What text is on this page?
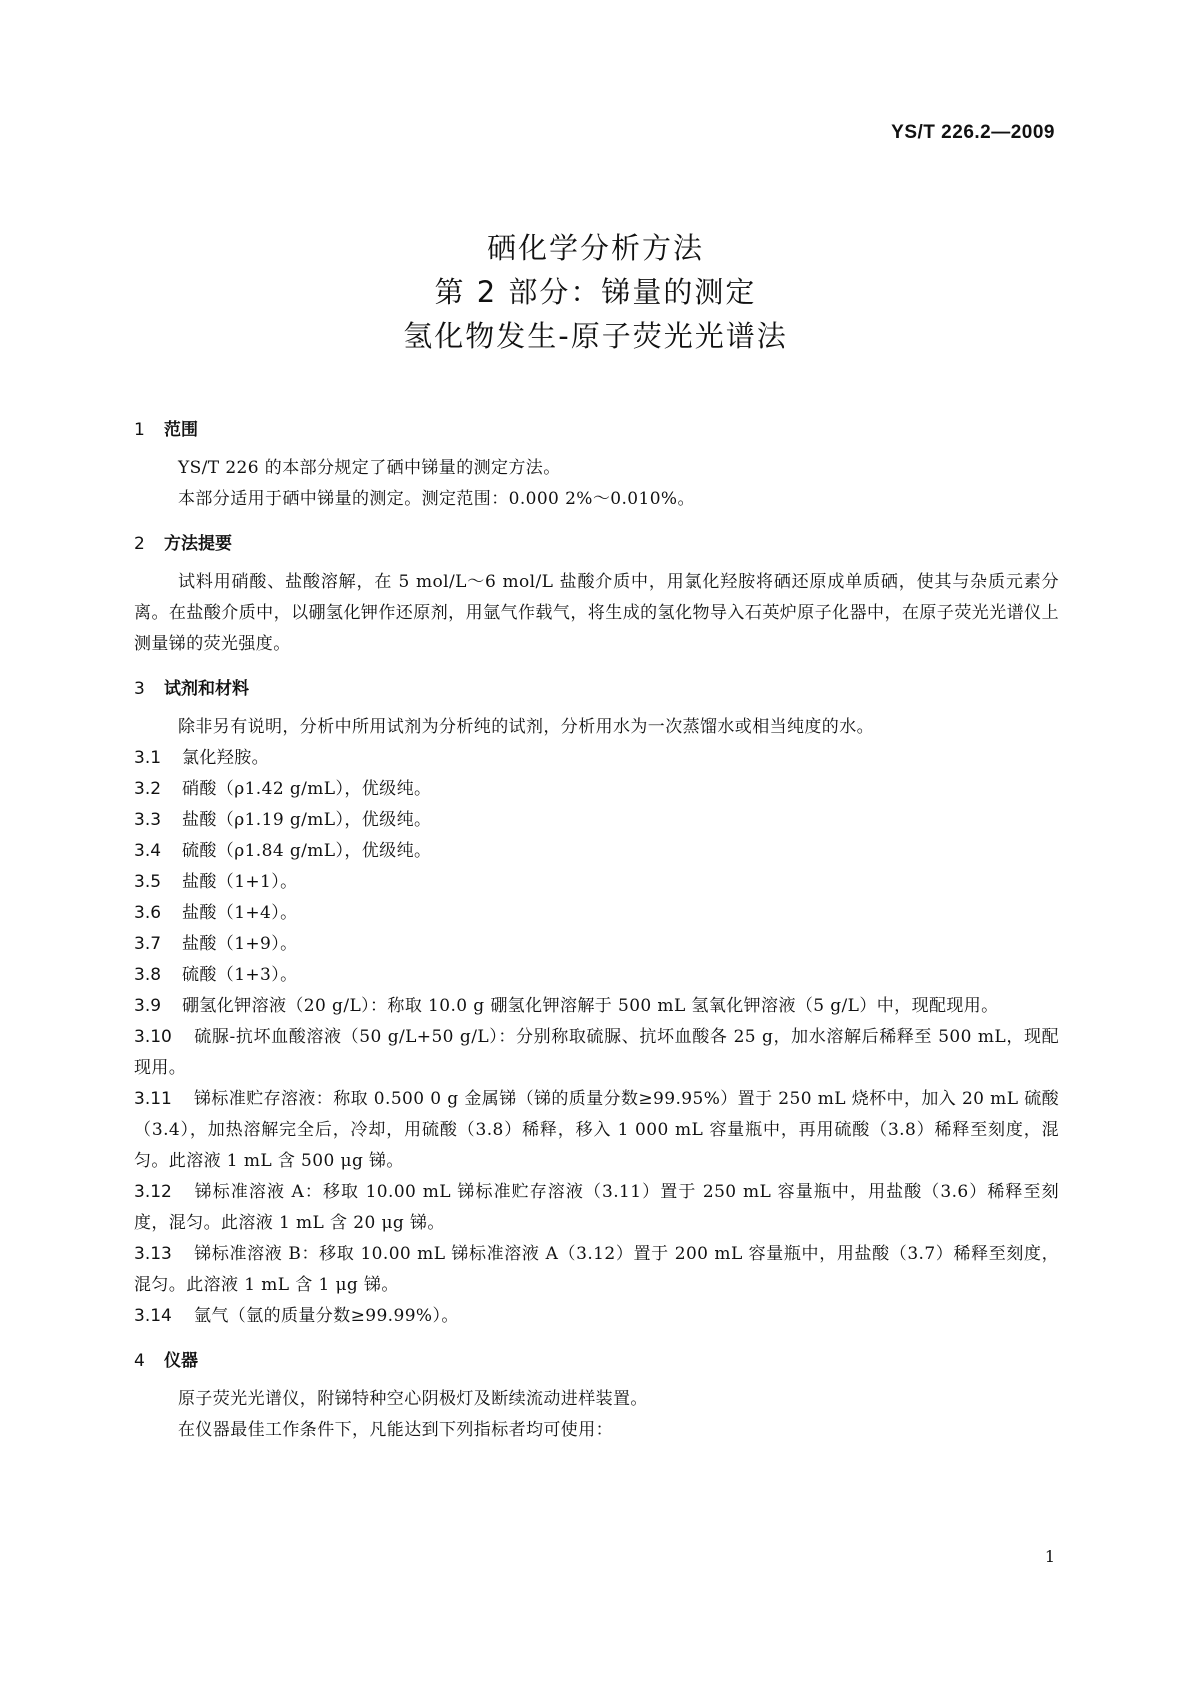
YS/T 226.2—2009
硒化学分析方法
第 2 部分：锑量的测定
氢化物发生-原子荧光光谱法
1 范围

YS/T 226 的本部分规定了硒中锑量的测定方法。

本部分适用于硒中锑量的测定。测定范围：0.000 2%～0.010%。

2 方法提要

试料用硝酸、盐酸溶解，在 5 mol/L～6 mol/L 盐酸介质中，用氯化羟胺将硒还原成单质硒，使其与杂质元素分离。在盐酸介质中，以硼氢化钾作还原剂，用氩气作载气，将生成的氢化物导入石英炉原子化器中，在原子荧光光谱仪上测量锑的荧光强度。

3 试剂和材料

除非另有说明，分析中所用试剂为分析纯的试剂，分析用水为一次蒸馏水或相当纯度的水。

3.1 氯化羟胺。

3.2 硝酸（ρ1.42 g/mL），优级纯。

3.3 盐酸（ρ1.19 g/mL），优级纯。

3.4 硫酸（ρ1.84 g/mL），优级纯。

3.5 盐酸（1+1）。

3.6 盐酸（1+4）。

3.7 盐酸（1+9）。

3.8 硫酸（1+3）。

3.9 硼氢化钾溶液（20 g/L）：称取 10.0 g 硼氢化钾溶解于 500 mL 氢氧化钾溶液（5 g/L）中，现配现用。

3.10 硫脲-抗坏血酸溶液（50 g/L+50 g/L）：分别称取硫脲、抗坏血酸各 25 g，加水溶解后稀释至 500 mL，现配现用。

3.11 锑标准贮存溶液：称取 0.500 0 g 金属锑（锑的质量分数≥99.95%）置于 250 mL 烧杯中，加入 20 mL 硫酸（3.4），加热溶解完全后，冷却，用硫酸（3.8）稀释，移入 1 000 mL 容量瓶中，再用硫酸（3.8）稀释至刻度，混匀。此溶液 1 mL 含 500 μg 锑。

3.12 锑标准溶液 A：移取 10.00 mL 锑标准贮存溶液（3.11）置于 250 mL 容量瓶中，用盐酸（3.6）稀释至刻度，混匀。此溶液 1 mL 含 20 μg 锑。

3.13 锑标准溶液 B：移取 10.00 mL 锑标准溶液 A（3.12）置于 200 mL 容量瓶中，用盐酸（3.7）稀释至刻度，混匀。此溶液 1 mL 含 1 μg 锑。

3.14 氩气（氩的质量分数≥99.99%）。

4 仪器

原子荧光光谱仪，附锑特种空心阴极灯及断续流动进样装置。

在仪器最佳工作条件下，凡能达到下列指标者均可使用：

1
